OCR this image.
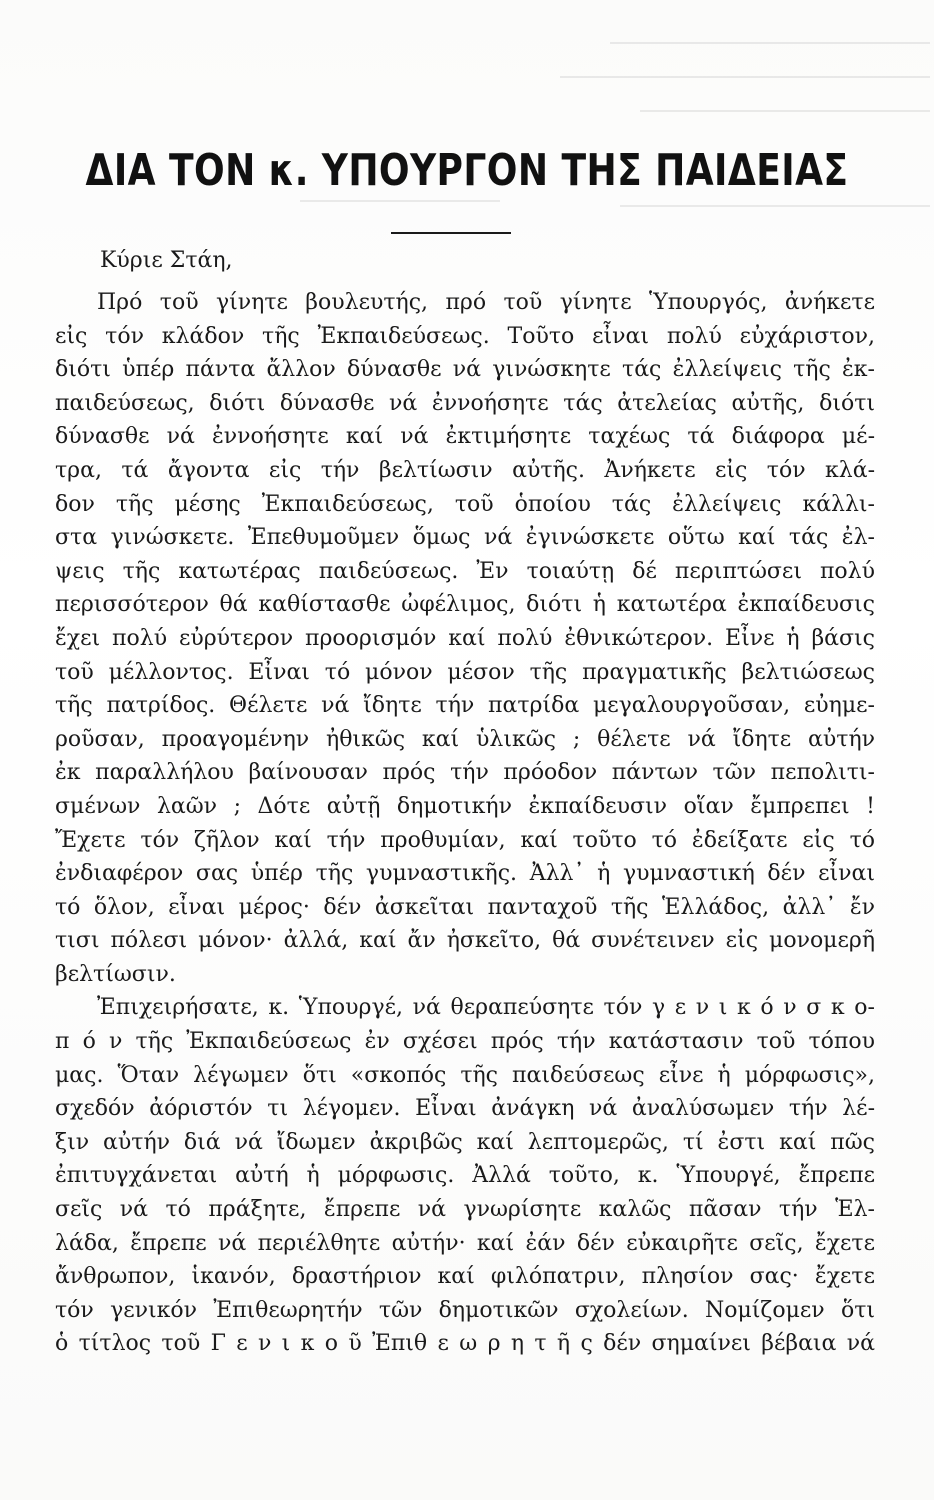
ΔΙΑ ΤΟΝ κ. ΥΠΟΥΡΓΟΝ ΤΗΣ ΠΑΙΔΕΙΑΣ
Κύριε Στάη,
Πρό τοῦ γίνητε βουλευτής, πρό τοῦ γίνητε Ὑπουργός, ἀνήκετε
εἰς τόν κλάδον τῆς Ἐκπαιδεύσεως. Τοῦτο εἶναι πολύ εὐχάριστον,
διότι ὑπέρ πάντα ἄλλον δύνασθε νά γινώσκητε τάς ἐλλείψεις τῆς ἐκ-
παιδεύσεως, διότι δύνασθε νά ἐννοήσητε τάς ἀτελείας αὐτῆς, διότι
δύνασθε νά ἐννοήσητε καί νά ἐκτιμήσητε ταχέως τά διάφορα μέ-
τρα, τά ἄγοντα εἰς τήν βελτίωσιν αὐτῆς. Ἀνήκετε εἰς τόν κλά-
δον τῆς μέσης Ἐκπαιδεύσεως, τοῦ ὁποίου τάς ἐλλείψεις κάλλι-
στα γινώσκετε. Ἐπεθυμοῦμεν ὅμως νά ἐγινώσκετε οὕτω καί τάς ἐλ-
ψεις τῆς κατωτέρας παιδεύσεως. Ἐν τοιαύτῃ δέ περιπτώσει πολύ
περισσότερον θά καθίστασθε ὠφέλιμος, διότι ἡ κατωτέρα ἐκπαίδευσις
ἔχει πολύ εὐρύτερον προορισμόν καί πολύ ἐθνικώτερον. Εἶνε ἡ βάσις
τοῦ μέλλοντος. Εἶναι τό μόνον μέσον τῆς πραγματικῆς βελτιώσεως
τῆς πατρίδος. Θέλετε νά ἴδητε τήν πατρίδα μεγαλουργοῦσαν, εὐημε-
ροῦσαν, προαγομένην ἠθικῶς καί ὑλικῶς ; θέλετε νά ἴδητε αὐτήν
ἐκ παραλλήλου βαίνουσαν πρός τήν πρόοδον πάντων τῶν πεπολιτι-
σμένων λαῶν ; Δότε αὐτῇ δημοτικήν ἐκπαίδευσιν οἵαν ἔμπρεπει !
Ἔχετε τόν ζῆλον καί τήν προθυμίαν, καί τοῦτο τό ἐδείξατε εἰς τό
ἐνδιαφέρον σας ὑπέρ τῆς γυμναστικῆς. Ἀλλ᾿ ἡ γυμναστική δέν εἶναι
τό ὅλον, εἶναι μέρος· δέν ἀσκεῖται πανταχοῦ τῆς Ἑλλάδος, ἀλλ᾿ ἔν
τισι πόλεσι μόνον· ἀλλά, καί ἄν ἠσκεῖτο, θά συνέτεινεν εἰς μονομερῆ
βελτίωσιν.
Ἐπιχειρήσατε, κ. Ὑπουργέ, νά θεραπεύσητε τόν γ ε ν ι κ ό ν σ κ ο-
π ό ν τῆς Ἐκπαιδεύσεως ἐν σχέσει πρός τήν κατάστασιν τοῦ τόπου
μας. Ὅταν λέγωμεν ὅτι «σκοπός τῆς παιδεύσεως εἶνε ἡ μόρφωσις»,
σχεδόν ἀόριστόν τι λέγομεν. Εἶναι ἀνάγκη νά ἀναλύσωμεν τήν λέ-
ξιν αὐτήν διά νά ἴδωμεν ἀκριβῶς καί λεπτομερῶς, τί ἐστι καί πῶς
ἐπιτυγχάνεται αὐτή ἡ μόρφωσις. Ἀλλά τοῦτο, κ. Ὑπουργέ, ἔπρεπε
σεῖς νά τό πράξητε, ἔπρεπε νά γνωρίσητε καλῶς πᾶσαν τήν Ἑλ-
λάδα, ἔπρεπε νά περιέλθητε αὐτήν· καί ἐάν δέν εὐκαιρῆτε σεῖς, ἔχετε
ἄνθρωπον, ἱκανόν, δραστήριον καί φιλόπατριν, πλησίον σας· ἔχετε
τόν γενικόν Ἐπιθεωρητήν τῶν δημοτικῶν σχολείων. Νομίζομεν ὅτι
ὁ τίτλος τοῦ Γ ε ν ι κ ο ῦ Ἐπιθ ε ω ρ η τ ῆ ς δέν σημαίνει βέβαια νά
